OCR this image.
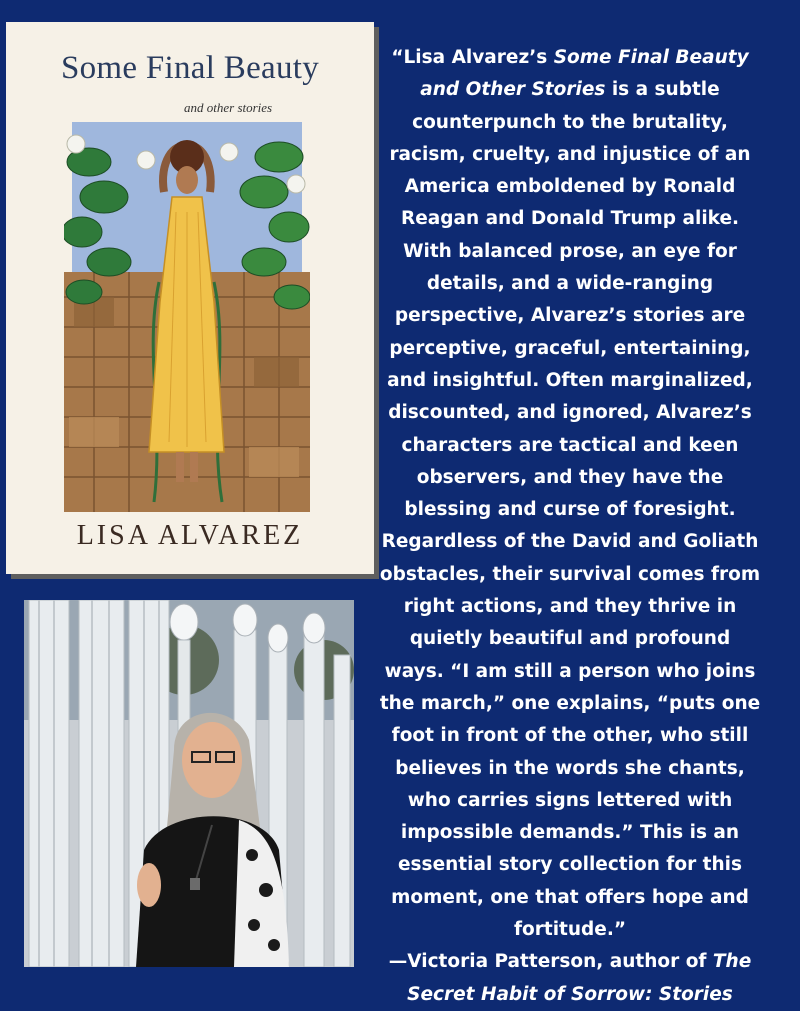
Some Final Beauty
and other stories
LISA ALVAREZ

“Lisa Alvarez’s Some Final Beauty and Other Stories is a subtle counterpunch to the brutality, racism, cruelty, and injustice of an America emboldened by Ronald Reagan and Donald Trump alike. With balanced prose, an eye for details, and a wide-ranging perspective, Alvarez’s stories are perceptive, graceful, entertaining, and insightful. Often marginalized, discounted, and ignored, Alvarez’s characters are tactical and keen observers, and they have the blessing and curse of foresight. Regardless of the David and Goliath obstacles, their survival comes from right actions, and they thrive in quietly beautiful and profound ways. “I am still a person who joins the march,” one explains, “puts one foot in front of the other, who still believes in the words she chants, who carries signs lettered with impossible demands.” This is an essential story collection for this moment, one that offers hope and fortitude.”

—Victoria Patterson, author of The Secret Habit of Sorrow: Stories
